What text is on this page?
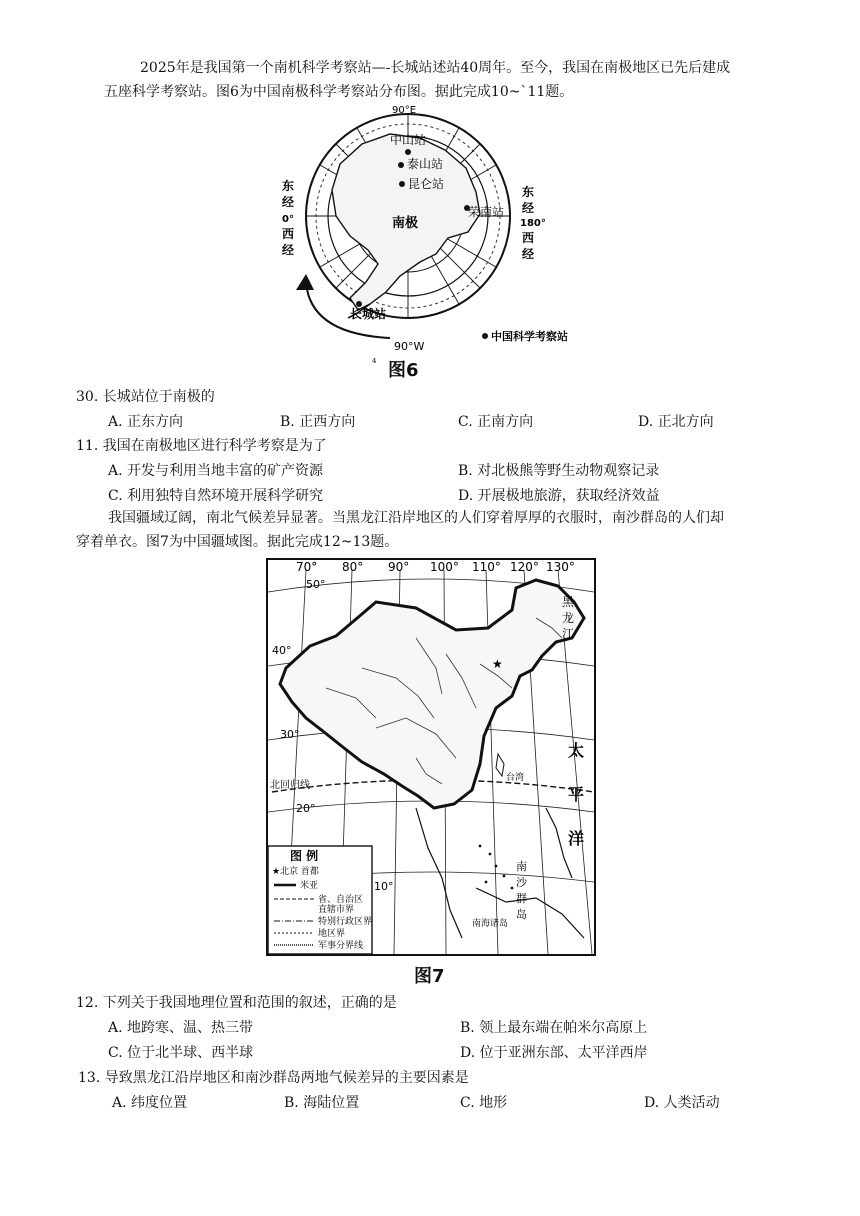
2025年是我国第一个南机科学考察站—-长城站述站40周年。至今，我国在南极地区已先后建成
五座科学考察站。图6为中国南极科学考察站分布图。据此完成10~`11题。
中山站
泰山站
昆仑站
荣南站
长城站
南极
90°E
90°W
东
经
0°
西
经
东
经
180°
西
经
中国科学考察站
图6
⁴
30. 长城站位于南极的
A. 正东方向	B. 正西方向	C. 正南方向	D. 正北方向
11. 我国在南极地区进行科学考察是为了
A. 开发与利用当地丰富的矿产资源	B. 对北极熊等野生动物观察记录
C. 利用独特自然环境开展科学研究	D. 开展极地旅游，获取经济效益
我国疆域辽阔，南北气候差异显著。当黑龙江沿岸地区的人们穿着厚厚的衣服时，南沙群岛的人们却
穿着单衣。图7为中国疆域图。据此完成12~13题。
★
70° 80° 90° 100° 110° 120° 130°
50°
40°
30°
北回归线
20°
10°
黑
龙
江
太
平
洋
南
沙
群
岛
台湾
南海诸岛
图 例
★北京 首都
米亚
省、自治区
直辖市界
特别行政区界
地区界
军事分界线
图7
12. 下列关于我国地理位置和范围的叙述，正确的是
A. 地跨寒、温、热三带	B. 领上最东端在帕米尔高原上
C. 位于北半球、西半球	D. 位于亚洲东部、太平洋西岸
13. 导致黑龙江沿岸地区和南沙群岛两地气候差异的主要因素是
A. 纬度位置	B. 海陆位置	C. 地形	D. 人类活动
